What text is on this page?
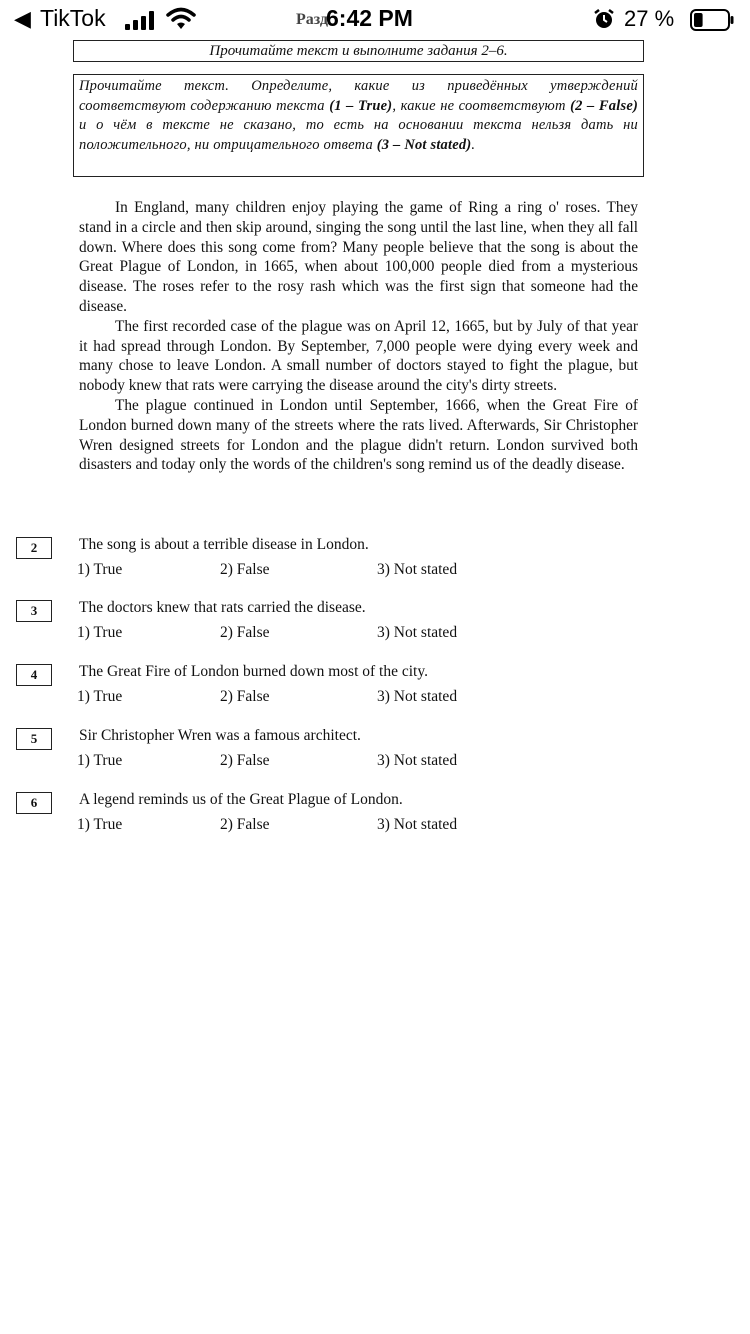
◀ TikTok	Разд
6:42 PM	27 %
Прочитайте текст и выполните задания 2–6.
Прочитайте текст. Определите, какие из приведённых утверждений соответствуют содержанию текста (1 – True), какие не соответствуют (2 – False) и о чём в тексте не сказано, то есть на основании текста нельзя дать ни положительного, ни отрицательного ответа (3 – Not stated).

In England, many children enjoy playing the game of Ring a ring o' roses. They stand in a circle and then skip around, singing the song until the last line, when they all fall down. Where does this song come from? Many people believe that the song is about the Great Plague of London, in 1665, when about 100,000 people died from a mysterious disease. The roses refer to the rosy rash which was the first sign that someone had the disease.

The first recorded case of the plague was on April 12, 1665, but by July of that year it had spread through London. By September, 7,000 people were dying every week and many chose to leave London. A small number of doctors stayed to fight the plague, but nobody knew that rats were carrying the disease around the city's dirty streets.

The plague continued in London until September, 1666, when the Great Fire of London burned down many of the streets where the rats lived. Afterwards, Sir Christopher Wren designed streets for London and the plague didn't return. London survived both disasters and today only the words of the children's song remind us of the deadly disease.

2	The song is about a terrible disease in London.
1) True	2) False	3) Not stated
3	The doctors knew that rats carried the disease.
1) True	2) False	3) Not stated
4	The Great Fire of London burned down most of the city.
1) True	2) False	3) Not stated
5	Sir Christopher Wren was a famous architect.
1) True	2) False	3) Not stated
6	A legend reminds us of the Great Plague of London.
1) True	2) False	3) Not stated
